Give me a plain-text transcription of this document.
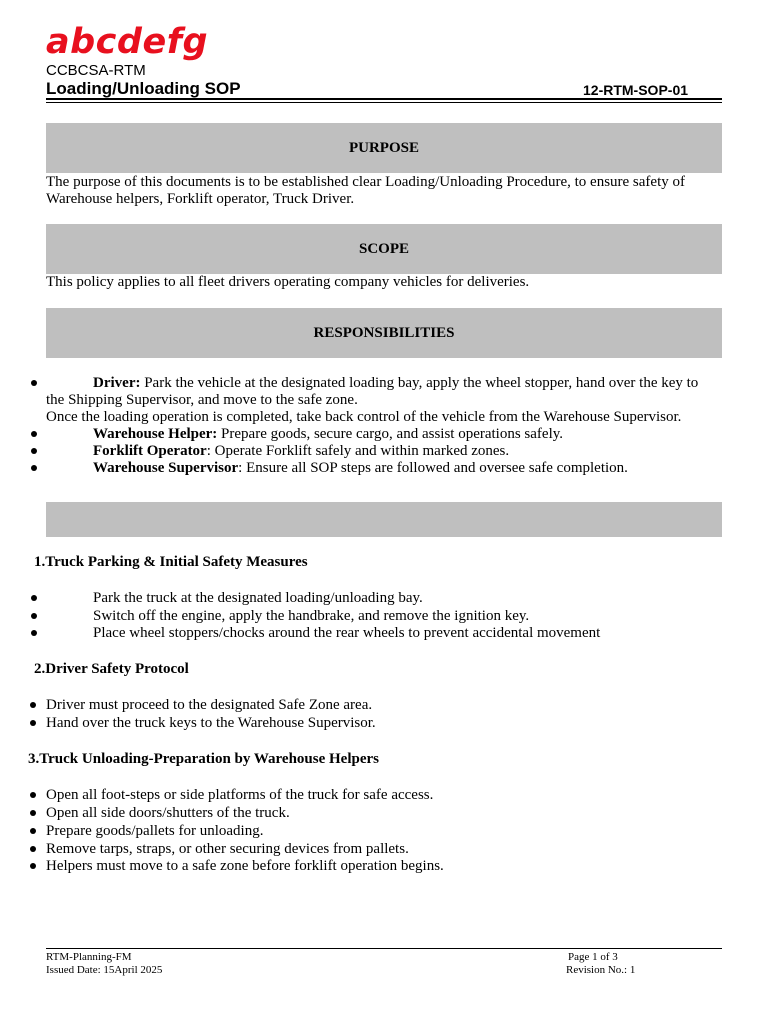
abcdefg
CCBCSA-RTM
Loading/Unloading SOP	12-RTM-SOP-01
PURPOSE
The purpose of this documents is to be established clear Loading/Unloading Procedure, to ensure safety of
Warehouse helpers, Forklift operator, Truck Driver.
SCOPE
This policy applies to all fleet drivers operating company vehicles for deliveries.
RESPONSIBILITIES
Driver: Park the vehicle at the designated loading bay, apply the wheel stopper, hand over the key to
the Shipping Supervisor, and move to the safe zone.
Once the loading operation is completed, take back control of the vehicle from the Warehouse Supervisor.
Warehouse Helper: Prepare goods, secure cargo, and assist operations safely.
Forklift Operator: Operate Forklift safely and within marked zones.
Warehouse Supervisor: Ensure all SOP steps are followed and oversee safe completion.
1.Truck Parking & Initial Safety Measures
Park the truck at the designated loading/unloading bay.
Switch off the engine, apply the handbrake, and remove the ignition key.
Place wheel stoppers/chocks around the rear wheels to prevent accidental movement
2.Driver Safety Protocol
Driver must proceed to the designated Safe Zone area.
Hand over the truck keys to the Warehouse Supervisor.
3.Truck Unloading-Preparation by Warehouse Helpers
Open all foot-steps or side platforms of the truck for safe access.
Open all side doors/shutters of the truck.
Prepare goods/pallets for unloading.
Remove tarps, straps, or other securing devices from pallets.
Helpers must move to a safe zone before forklift operation begins.
RTM-Planning-FM
Issued Date: 15April 2025
Page 1 of 3
Revision No.: 1
